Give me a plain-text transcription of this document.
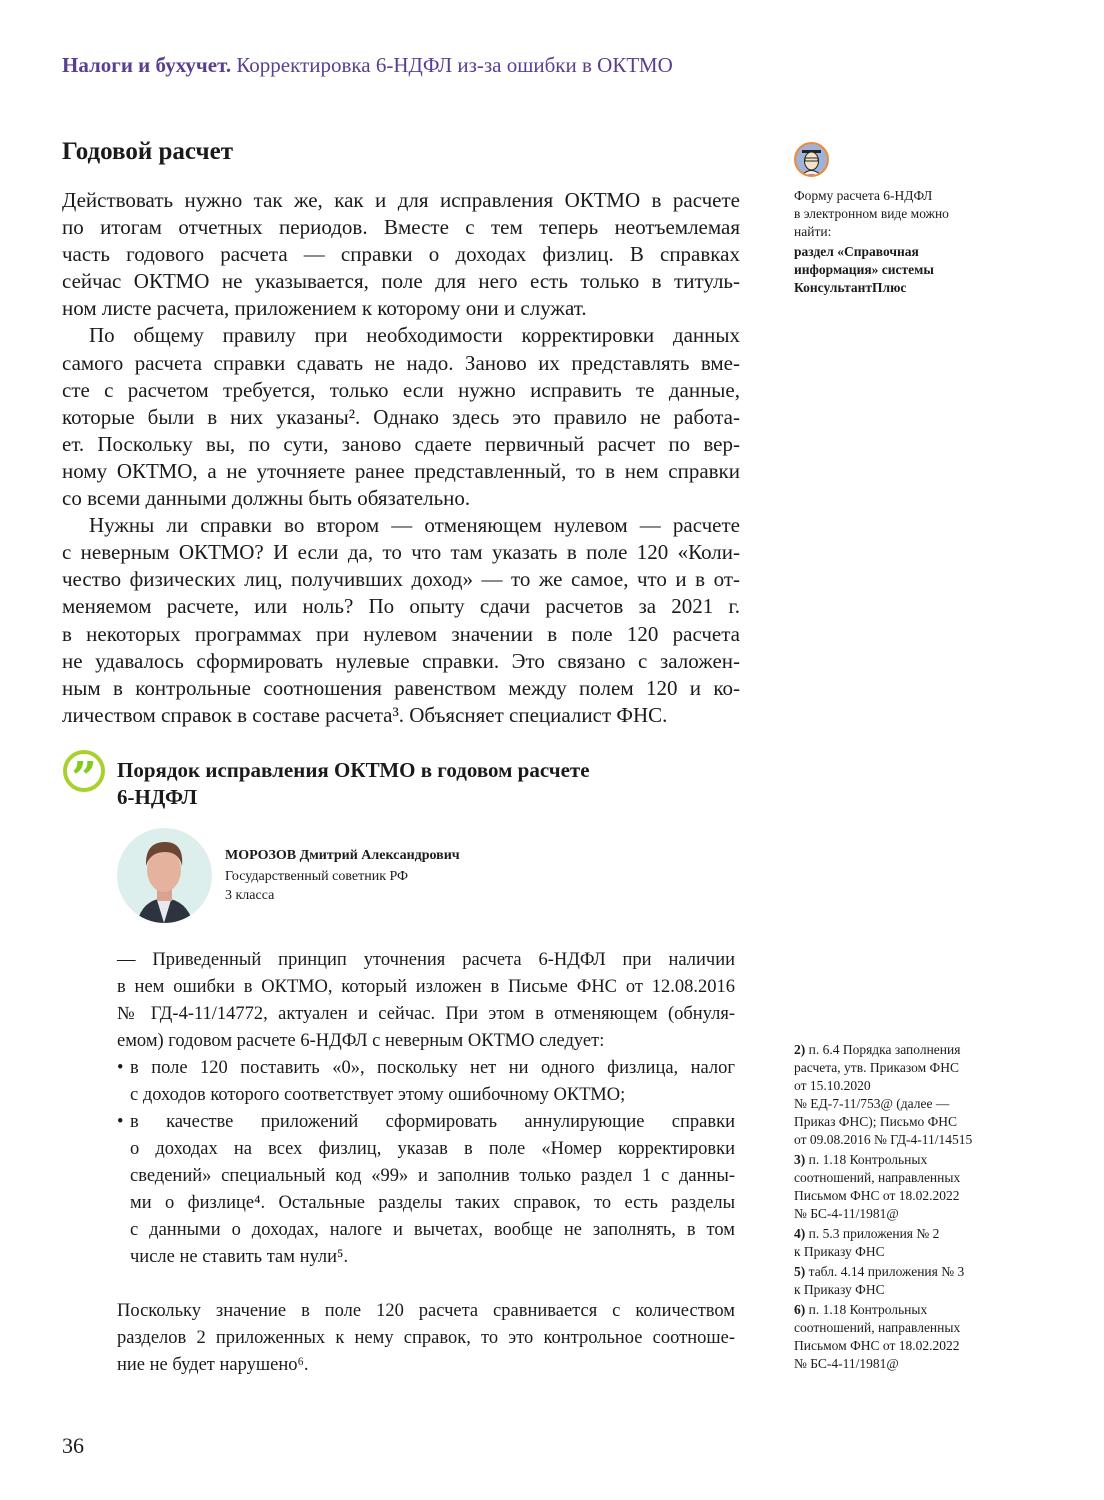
Налоги и бухучет. Корректировка 6-НДФЛ из-за ошибки в ОКТМО
Годовой расчет
Действовать нужно так же, как и для исправления ОКТМО в расчете
по итогам отчетных периодов. Вместе с тем теперь неотъемлемая
часть годового расчета — справки о доходах физлиц. В справках
сейчас ОКТМО не указывается, поле для него есть только в титуль-
ном листе расчета, приложением к которому они и служат.
По общему правилу при необходимости корректировки данных
самого расчета справки сдавать не надо. Заново их представлять вме-
сте с расчетом требуется, только если нужно исправить те данные,
которые были в них указаны². Однако здесь это правило не работа-
ет. Поскольку вы, по сути, заново сдаете первичный расчет по вер-
ному ОКТМО, а не уточняете ранее представленный, то в нем справки
со всеми данными должны быть обязательно.
Нужны ли справки во втором — отменяющем нулевом — расчете
с неверным ОКТМО? И если да, то что там указать в поле 120 «Коли-
чество физических лиц, получивших доход» — то же самое, что и в от-
меняемом расчете, или ноль? По опыту сдачи расчетов за 2021 г.
в некоторых программах при нулевом значении в поле 120 расчета
не удавалось сформировать нулевые справки. Это связано с заложен-
ным в контрольные соотношения равенством между полем 120 и ко-
личеством справок в составе расчета³. Объясняет специалист ФНС.
” Порядок исправления ОКТМО в годовом расчете
6-НДФЛ
МОРОЗОВ Дмитрий Александрович
Государственный советник РФ
3 класса
— Приведенный принцип уточнения расчета 6-НДФЛ при наличии
в нем ошибки в ОКТМО, который изложен в Письме ФНС от 12.08.2016
№ ГД-4-11/14772, актуален и сейчас. При этом в отменяющем (обнуля-
емом) годовом расчете 6-НДФЛ с неверным ОКТМО следует:
• в поле 120 поставить «0», поскольку нет ни одного физлица, налог
с доходов которого соответствует этому ошибочному ОКТМО;
• в качестве приложений сформировать аннулирующие справки
о доходах на всех физлиц, указав в поле «Номер корректировки
сведений» специальный код «99» и заполнив только раздел 1 с данны-
ми о физлице⁴. Остальные разделы таких справок, то есть разделы
с данными о доходах, налоге и вычетах, вообще не заполнять, в том
числе не ставить там нули⁵.
Поскольку значение в поле 120 расчета сравнивается с количеством
разделов 2 приложенных к нему справок, то это контрольное соотноше-
ние не будет нарушено⁶.
Форму расчета 6-НДФЛ
в электронном виде можно
найти:
раздел «Справочная
информация» системы
КонсультантПлюс
2) п. 6.4 Порядка заполнения
расчета, утв. Приказом ФНС
от 15.10.2020
№ ЕД-7-11/753@ (далее —
Приказ ФНС); Письмо ФНС
от 09.08.2016 № ГД-4-11/14515
3) п. 1.18 Контрольных
соотношений, направленных
Письмом ФНС от 18.02.2022
№ БС-4-11/1981@
4) п. 5.3 приложения № 2
к Приказу ФНС
5) табл. 4.14 приложения № 3
к Приказу ФНС
6) п. 1.18 Контрольных
соотношений, направленных
Письмом ФНС от 18.02.2022
№ БС-4-11/1981@
36
